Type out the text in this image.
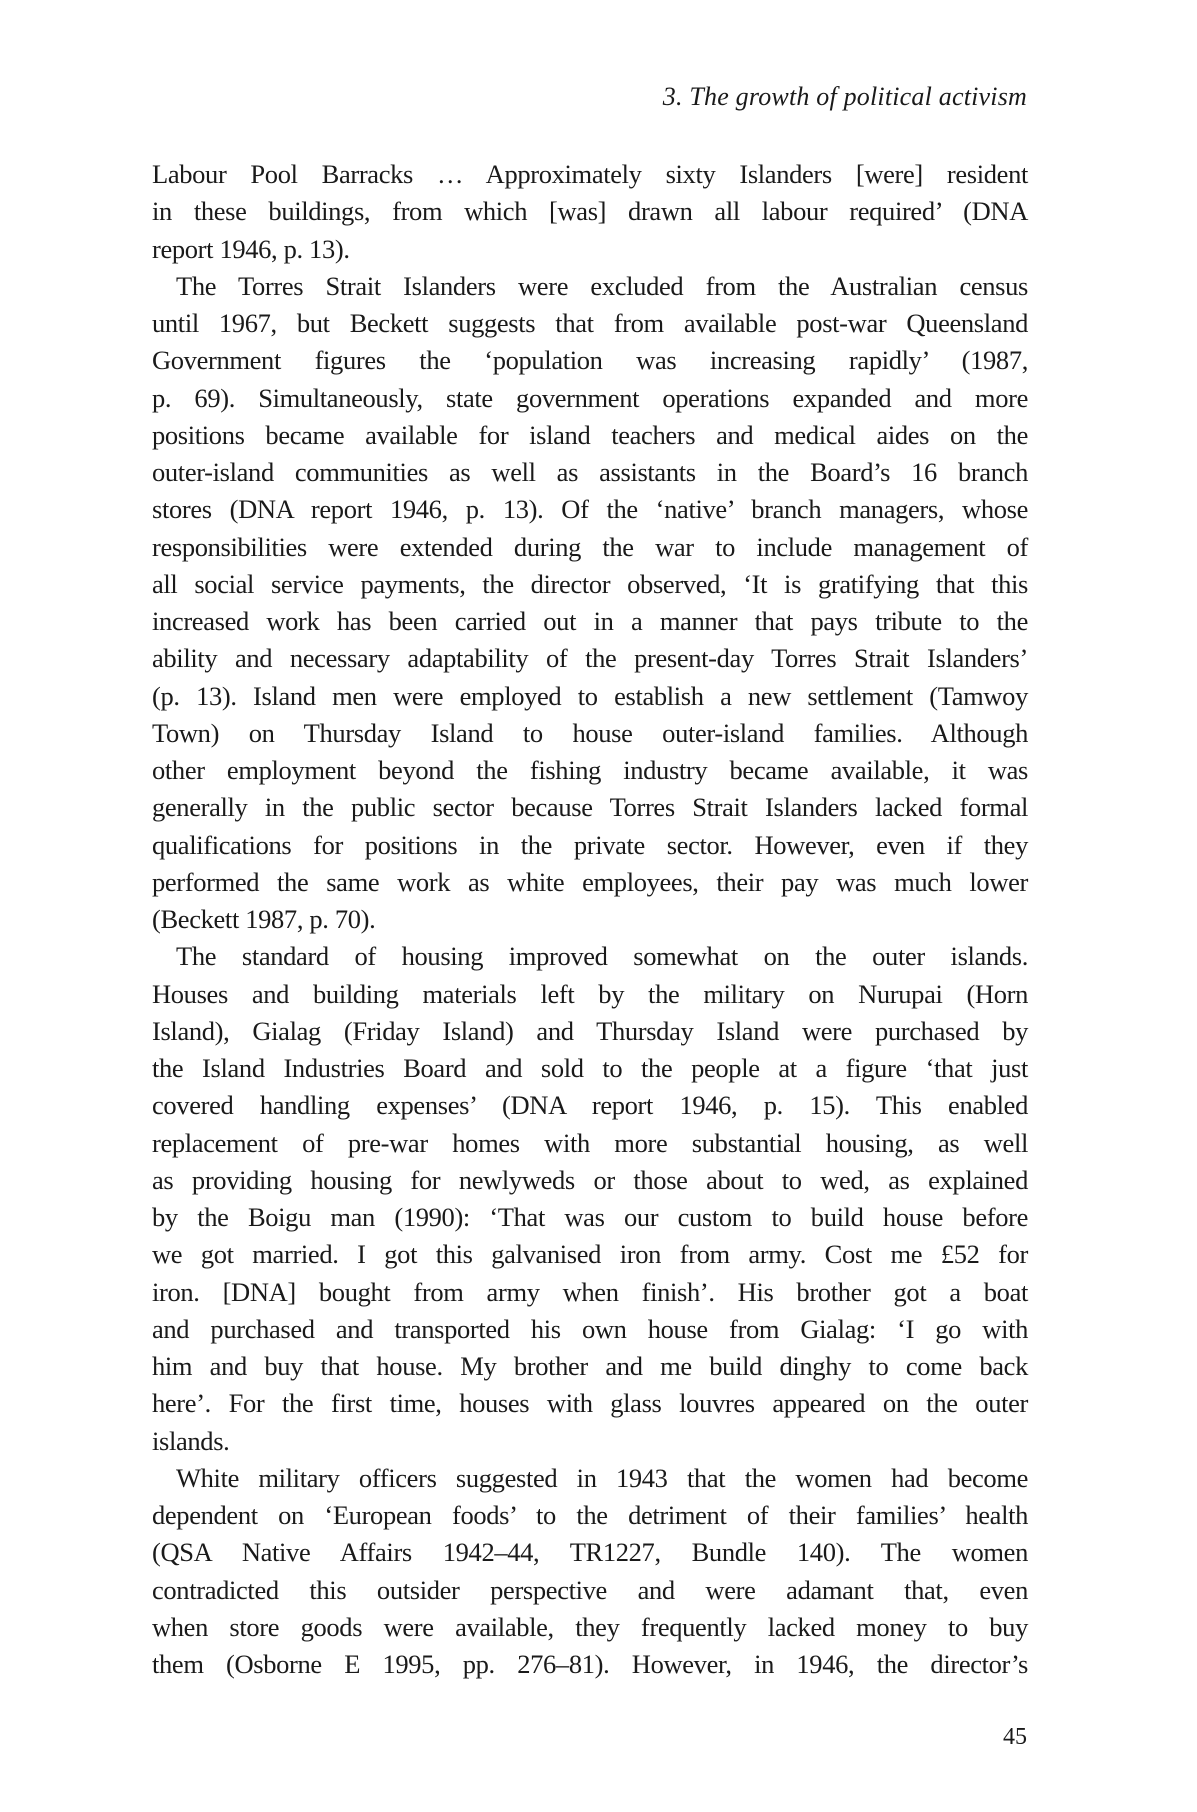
3. The growth of political activism
Labour Pool Barracks … Approximately sixty Islanders [were] resident
in these buildings, from which [was] drawn all labour required’ (DNA
report 1946, p. 13).
The Torres Strait Islanders were excluded from the Australian census
until 1967, but Beckett suggests that from available post-war Queensland
Government figures the ‘population was increasing rapidly’ (1987,
p. 69). Simultaneously, state government operations expanded and more
positions became available for island teachers and medical aides on the
outer-island communities as well as assistants in the Board’s 16 branch
stores (DNA report 1946, p. 13). Of the ‘native’ branch managers, whose
responsibilities were extended during the war to include management of
all social service payments, the director observed, ‘It is gratifying that this
increased work has been carried out in a manner that pays tribute to the
ability and necessary adaptability of the present-day Torres Strait Islanders’
(p. 13). Island men were employed to establish a new settlement (Tamwoy
Town) on Thursday Island to house outer-island families. Although
other employment beyond the fishing industry became available, it was
generally in the public sector because Torres Strait Islanders lacked formal
qualifications for positions in the private sector. However, even if they
performed the same work as white employees, their pay was much lower
(Beckett 1987, p. 70).
The standard of housing improved somewhat on the outer islands.
Houses and building materials left by the military on Nurupai (Horn
Island), Gialag (Friday Island) and Thursday Island were purchased by
the Island Industries Board and sold to the people at a figure ‘that just
covered handling expenses’ (DNA report 1946, p. 15). This enabled
replacement of pre-war homes with more substantial housing, as well
as providing housing for newlyweds or those about to wed, as explained
by the Boigu man (1990): ‘That was our custom to build house before
we got married. I got this galvanised iron from army. Cost me £52 for
iron. [DNA] bought from army when finish’. His brother got a boat
and purchased and transported his own house from Gialag: ‘I go with
him and buy that house. My brother and me build dinghy to come back
here’. For the first time, houses with glass louvres appeared on the outer
islands.
White military officers suggested in 1943 that the women had become
dependent on ‘European foods’ to the detriment of their families’ health
(QSA Native Affairs 1942–44, TR1227, Bundle 140). The women
contradicted this outsider perspective and were adamant that, even
when store goods were available, they frequently lacked money to buy
them (Osborne E 1995, pp. 276–81). However, in 1946, the director’s
45
